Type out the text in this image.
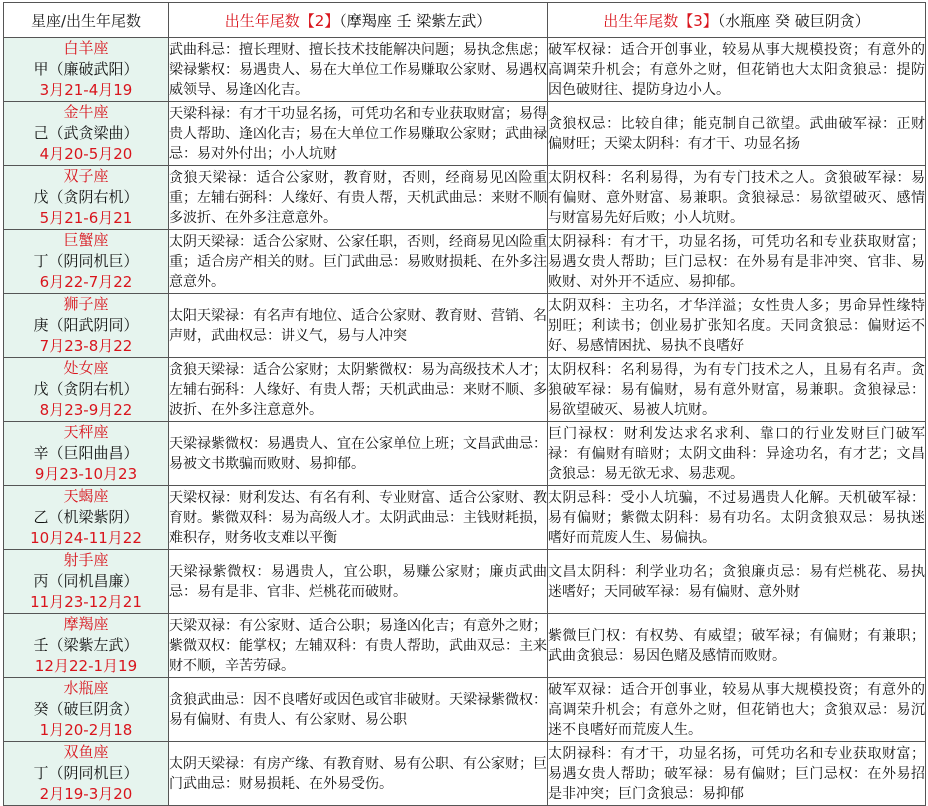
星座/出生年尾数	出生年尾数【2】（摩羯座 壬 梁紫左武）	出生年尾数【3】（水瓶座 癸 破巨阴贪）

白羊座
甲（廉破武阳）
3月21-4月19	武曲科忌：擅长理财、擅长技术技能解决问题；易执念焦虑；梁禄紫权：易遇贵人、易在大单位工作易赚取公家财、易遇权威领导、易逢凶化吉。	破军权禄：适合开创事业，较易从事大规模投资；有意外的高调荣升机会；有意外之财，但花销也大太阳贪狼忌：提防因色破财往、提防身边小人。

金牛座
己（武贪梁曲）
4月20-5月20	天梁科禄：有才干功显名扬，可凭功名和专业获取财富；易得贵人帮助、逢凶化吉；易在大单位工作易赚取公家财；武曲禄忌：易对外付出；小人坑财	贪狼权忌：比较自律；能克制自己欲望。武曲破军禄：正财偏财旺；天梁太阴科：有才干、功显名扬

双子座
戊（贪阴右机）
5月21-6月21	贪狼天梁禄：适合公家财，教育财，否则，经商易见凶险重重；左辅右弼科：人缘好、有贵人帮，天机武曲忌：来财不顺多波折、在外多注意意外。	太阴权科：名利易得，为有专门技术之人。贪狼破军禄：易有偏财、意外财富、易兼职。贪狼禄忌：易欲望破灭、感情与财富易先好后败；小人坑财。

巨蟹座
丁（阴同机巨）
6月22-7月22	太阴天梁禄：适合公家财、公家任职，否则，经商易见凶险重重；适合房产相关的财。巨门武曲忌：易败财损耗、在外多注意意外。	太阴禄科：有才干，功显名扬，可凭功名和专业获取财富；易遇女贵人帮助；巨门忌权：在外易有是非冲突、官非、易败财、对外开不适应、易抑郁。

狮子座
庚（阳武阴同）
7月23-8月22	太阳天梁禄：有名声有地位、适合公家财、教育财、营销、名声财，武曲权忌：讲义气，易与人冲突	太阴双科：主功名，才华洋溢；女性贵人多；男命异性缘特别旺；利读书；创业易扩张知名度。天同贪狼忌：偏财运不好、易感情困扰、易执不良嗜好

处女座
戊（贪阴右机）
8月23-9月22	贪狼天梁禄：适合公家财；太阴紫微权：易为高级技术人才；左辅右弼科：人缘好、有贵人帮；天机武曲忌：来财不顺、多波折、在外多注意意外。	太阴权科：名利易得，为有专门技术之人，且易有名声。贪狼破军禄：易有偏财，易有意外财富，易兼职。贪狼禄忌：易欲望破灭、易被人坑财。

天秤座
辛（巨阳曲昌）
9月23-10月23	天梁禄紫微权：易遇贵人、宜在公家单位上班；文昌武曲忌：易被文书欺骗而败财、易抑郁。	巨门禄权：财利发达求名求利、靠口的行业发财巨门破军禄：有偏财有暗财；太阴文曲科：异途功名，有才艺；文昌贪狼忌：易无欲无求、易悲观。

天蝎座
乙（机梁紫阴）
10月24-11月22	天梁权禄：财利发达、有名有利、专业财富、适合公家财、教育财。紫微双科：易为高级人才。太阴武曲忌：主钱财耗损，难积存，财务收支难以平衡	太阴忌科：受小人坑骗，不过易遇贵人化解。天机破军禄：易有偏财；紫微太阴科：易有功名。太阴贪狼双忌：易执迷嗜好而荒废人生、易偏执。

射手座
丙（同机昌廉）
11月23-12月21	天梁禄紫微权：易遇贵人，宜公职，易赚公家财；廉贞武曲忌：易有是非、官非、烂桃花而破财。	文昌太阴科：利学业功名；贪狼廉贞忌：易有烂桃花、易执迷嗜好；天同破军禄：易有偏财、意外财

摩羯座
壬（梁紫左武）
12月22-1月19	天梁双禄：有公家财、适合公职；易逢凶化吉；有意外之财；紫微双权：能掌权；左辅双科：有贵人帮助，武曲双忌：主来财不顺，辛苦劳碌。	紫微巨门权：有权势、有威望；破军禄；有偏财；有兼职；武曲贪狼忌：易因色赌及感情而败财。

水瓶座
癸（破巨阴贪）
1月20-2月18	贪狼武曲忌：因不良嗜好或因色或官非破财。天梁禄紫微权：易有偏财、有贵人、有公家财、易公职	破军双禄：适合开创事业，较易从事大规模投资；有意外的高调荣升机会；有意外之财，但花销也大；贪狼双忌：易沉迷不良嗜好而荒废人生。

双鱼座
丁（阴同机巨）
2月19-3月20	太阴天梁禄：有房产缘、有教育财、易有公职、有公家财；巨门武曲忌：财易损耗、在外易受伤。	太阴禄科：有才干，功显名扬，可凭功名和专业获取财富；易遇女贵人帮助；破军禄：易有偏财；巨门忌权：在外易招是非冲突；巨门贪狼忌：易抑郁
